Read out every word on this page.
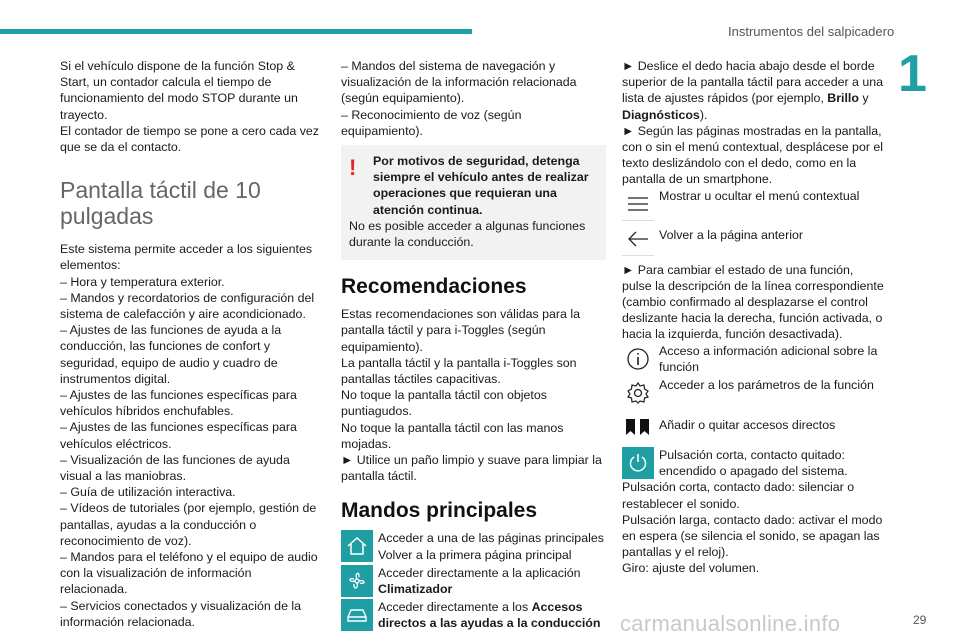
Instrumentos del salpicadero
1

Si el vehículo dispone de la función Stop & Start, un contador calcula el tiempo de funcionamiento del modo STOP durante un trayecto.

El contador de tiempo se pone a cero cada vez que se da el contacto.

Pantalla táctil de 10 pulgadas

Este sistema permite acceder a los siguientes elementos:

– Hora y temperatura exterior.

– Mandos y recordatorios de configuración del sistema de calefacción y aire acondicionado.

– Ajustes de las funciones de ayuda a la conducción, las funciones de confort y seguridad, equipo de audio y cuadro de instrumentos digital.

– Ajustes de las funciones específicas para vehículos híbridos enchufables.

– Ajustes de las funciones específicas para vehículos eléctricos.

– Visualización de las funciones de ayuda visual a las maniobras.

– Guía de utilización interactiva.

– Vídeos de tutoriales (por ejemplo, gestión de pantallas, ayudas a la conducción o reconocimiento de voz).

– Mandos para el teléfono y el equipo de audio con la visualización de información relacionada.

– Servicios conectados y visualización de la información relacionada.

– Mandos del sistema de navegación y visualización de la información relacionada (según equipamiento).

– Reconocimiento de voz (según equipamiento).

!	Por motivos de seguridad, detenga siempre el vehículo antes de realizar operaciones que requieran una atención continua.

No es posible acceder a algunas funciones durante la conducción.

Recomendaciones

Estas recomendaciones son válidas para la pantalla táctil y para i-Toggles (según equipamiento).

La pantalla táctil y la pantalla i-Toggles son pantallas táctiles capacitivas.

No toque la pantalla táctil con objetos puntiagudos.

No toque la pantalla táctil con las manos mojadas.

► Utilice un paño limpio y suave para limpiar la pantalla táctil.

Mandos principales

Acceder a una de las páginas principales

Volver a la primera página principal

Acceder directamente a la aplicación

Climatizador

Acceder directamente a los Accesos directos a las ayudas a la conducción

► Deslice el dedo hacia abajo desde el borde superior de la pantalla táctil para acceder a una lista de ajustes rápidos (por ejemplo, Brillo y Diagnósticos).

► Según las páginas mostradas en la pantalla, con o sin el menú contextual, desplácese por el texto deslizándolo con el dedo, como en la pantalla de un smartphone.

Mostrar u ocultar el menú contextual

Volver a la página anterior

► Para cambiar el estado de una función, pulse la descripción de la línea correspondiente (cambio confirmado al desplazarse el control deslizante hacia la derecha, función activada, o hacia la izquierda, función desactivada).

Acceso a información adicional sobre la función

Acceder a los parámetros de la función

Añadir o quitar accesos directos

Pulsación corta, contacto quitado: encendido o apagado del sistema.

Pulsación corta, contacto dado: silenciar o restablecer el sonido.

Pulsación larga, contacto dado: activar el modo en espera (se silencia el sonido, se apagan las pantallas y el reloj).

Giro: ajuste del volumen.

carmanualsonline.info	29
